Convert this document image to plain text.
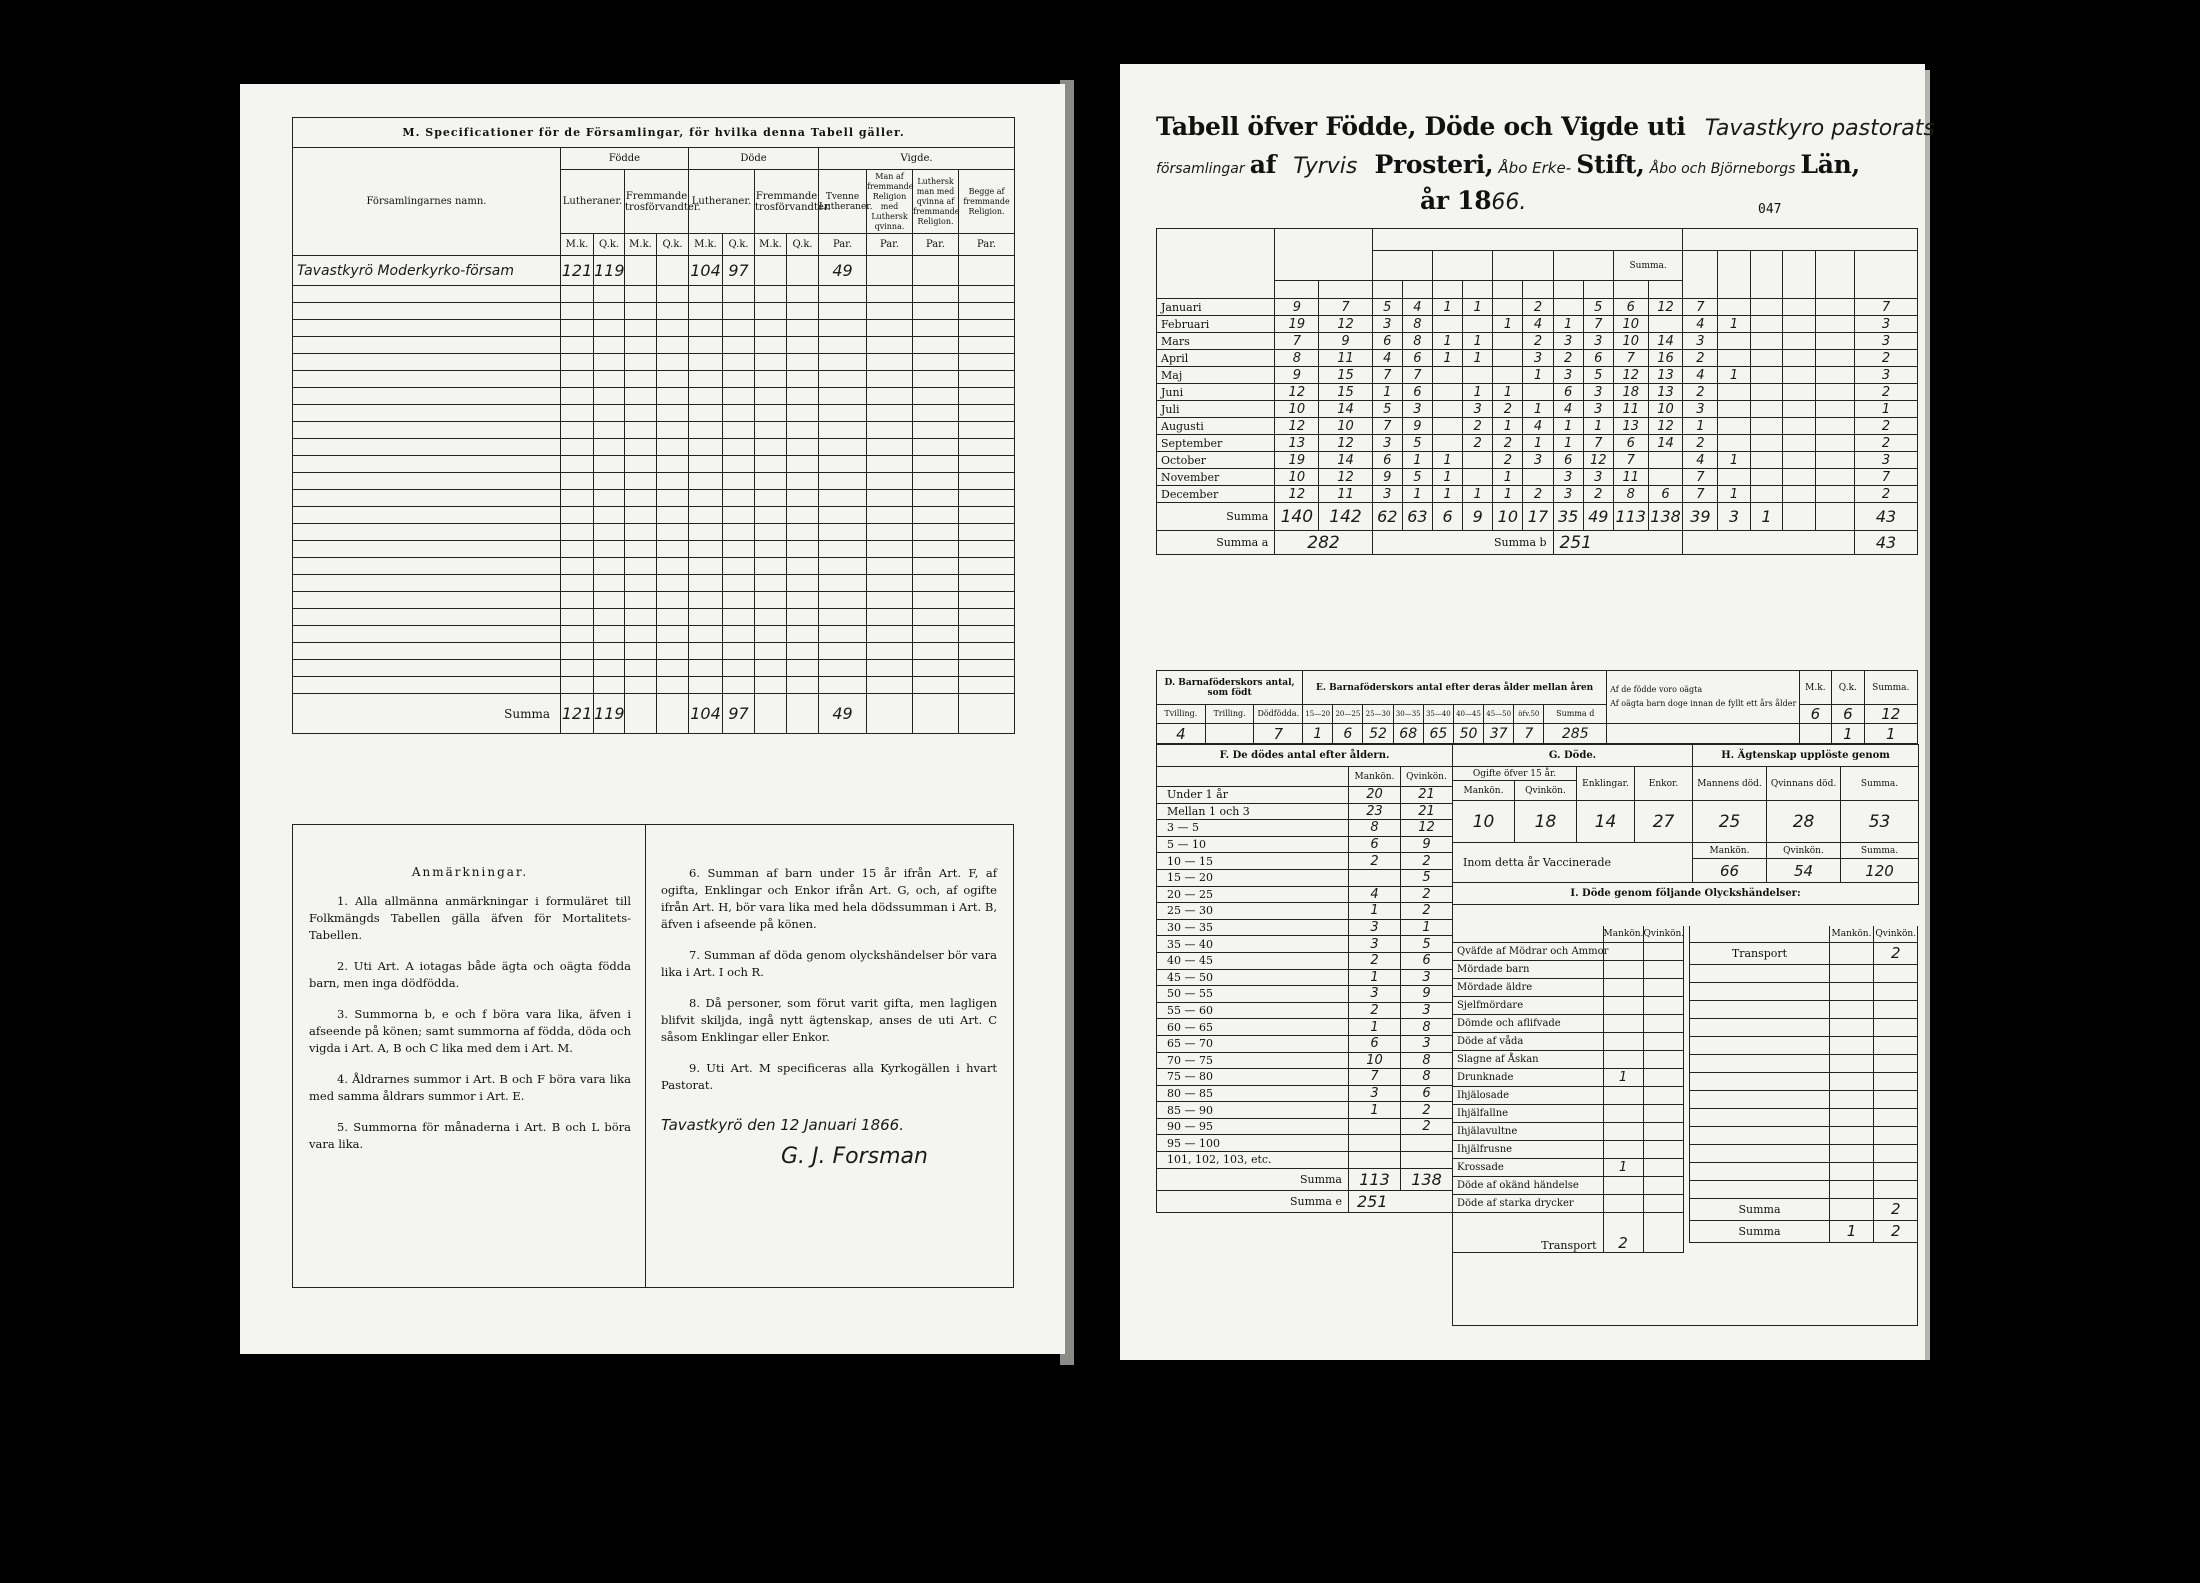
M. Specificationer för de Församlingar, för hvilka denna Tabell gäller.												
Församlingarnes namn.	Födde				Döde				Vigde.			
	Lutheraner.		Fremmande trosförvandter.		Lutheraner.		Fremmande trosförvandter.		Tvenne Lutheraner.	Man af fremmande Religion med Luthersk qvinna.	Luthersk man med qvinna af fremmande Religion.	Begge af fremmande Religion.
	M.k.	Q.k.	M.k.	Q.k.	M.k.	Q.k.	M.k.	Q.k.	Par.	Par.	Par.	Par.
Tavastkyrö Moderkyrko-försam	121	119			104	97			49			

Summa	121	119			104	97			49			
Anmärkningar.

1. Alla allmänna anmärkningar i formuläret till Folkmängds Tabellen gälla äfven för Mortalitets-Tabellen.

2. Uti Art. A iotagas både ägta och oägta födda barn, men inga dödfödda.

3. Summorna b, e och f böra vara lika, äfven i afseende på könen; samt summorna af födda, döda och vigda i Art. A, B och C lika med dem i Art. M.

4. Åldrarnes summor i Art. B och F böra vara lika med samma åldrars summor i Art. E.

5. Summorna för månaderna i Art. B och L böra vara lika.

6. Summan af barn under 15 år ifrån Art. F, af ogifta, Enklingar och Enkor ifrån Art. G, och, af ogifte ifrån Art. H, bör vara lika med hela dödssumman i Art. B, äfven i afseende på könen.

7. Summan af döda genom olyckshändelser bör vara lika i Art. I och R.

8. Då personer, som förut varit gifta, men lagligen blifvit skiljda, ingå nytt ägtenskap, anses de uti Art. C såsom Enklingar eller Enkor.

9. Uti Art. M specificeras alla Kyrkogällen i hvart Pastorat.

Tavastkyrö den 12 Januari 1866.
G. J. Forsman
Tabell öfver Födde, Döde och Vigde uti Tavastkyro pastorats
församlingar af Tyrvis Prosteri, Åbo Erke- Stift, Åbo och Björneborgs Län,
år 1866.	047

											Summa.							

Januari	9	7	5	4	1	1		2		5	6	12	7					7
Februari	19	12	3	8			1	4	1	7	10		4	1				3
Mars	7	9	6	8	1	1		2	3	3	10	14	3					3
April	8	11	4	6	1	1		3	2	6	7	16	2					2
Maj	9	15	7	7				1	3	5	12	13	4	1				3
Juni	12	15	1	6		1	1		6	3	18	13	2					2
Juli	10	14	5	3		3	2	1	4	3	11	10	3					1
Augusti	12	10	7	9		2	1	4	1	1	13	12	1					2
September	13	12	3	5		2	2	1	1	7	6	14	2					2
October	19	14	6	1	1		2	3	6	12	7		4	1				3
November	10	12	9	5	1		1		3	3	11		7					7
December	12	11	3	1	1	1	1	2	3	2	8	6	7	1				2
Summa	140	142	62	63	6	9	10	17	35	49	113	138	39	3	1			43
Summa a	282		Summa b						251									43
D. Barnaföderskors antal, som födt			E. Barnaföderskors antal efter deras ålder mellan åren									Af de födde voro oägta
Af oägta barn doge innan de fyllt ett års ålder	M.k.	Q.k.	Summa.
Tvilling.	Trilling.	Dödfödda.	15—20	20—25	25—30	30—35	35—40	40—45	45—50	öfv.50	Summa d		6	6	12
4		7	1	6	52	68	65	50	37	7	285			1	1
F. De dödes antal efter åldern.		
	Mankön.	Qvinkön.
Under 1 år	20	21
Mellan 1 och 3	23	21
3 — 5	8	12
5 — 10	6	9
10 — 15	2	2
15 — 20		5
20 — 25	4	2
25 — 30	1	2
30 — 35	3	1
35 — 40	3	5
40 — 45	2	6
45 — 50	1	3
50 — 55	3	9
55 — 60	2	3
60 — 65	1	8
65 — 70	6	3
70 — 75	10	8
75 — 80	7	8
80 — 85	3	6
85 — 90	1	2
90 — 95		2
95 — 100		
101, 102, 103, etc.		
Summa	113	138
Summa e	251	
G. Döde.				H. Ägtenskap upplöste genom		
Ogifte öfver 15 år.		Enklingar.	Enkor.	Mannens död.	Qvinnans död.	Summa.
Mankön.	Qvinkön.					
10	18	14	27	25	28	53
Inom detta år Vaccinerade				Mankön.	Qvinkön.	Summa.
				66	54	120
I. Döde genom följande Olyckshändelser:						
	Mankön.	Qvinkön.
Qväfde af Mödrar och Ammor		
Mördade barn		
Mördade äldre		
Sjelfmördare		
Dömde och aflifvade		
Döde af våda		
Slagne af Åskan		
Drunknade	1	
Ihjälosade		
Ihjälfallne		
Ihjälavultne		
Ihjälfrusne		
Krossade	1	
Döde af okänd händelse		
Döde af starka drycker		
Transport	2	
	Mankön.	Qvinkön.
Transport		2

Summa		2
Summa	1	2
